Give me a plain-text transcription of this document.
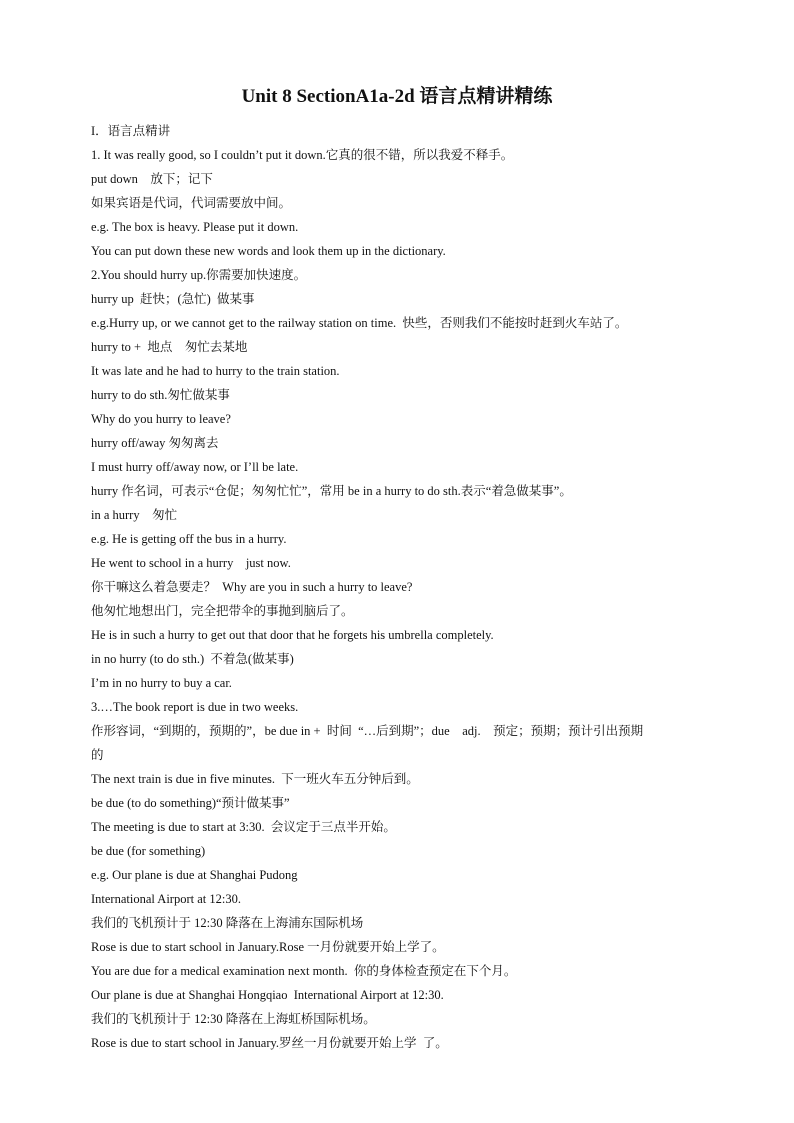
Unit 8 SectionA1a-2d 语言点精讲精练

I．语言点精讲

1. It was really good, so I couldn’t put it down.它真的很不错，所以我爱不释手。

put down    放下；记下

如果宾语是代词，代词需要放中间。

e.g. The box is heavy. Please put it down.

You can put down these new words and look them up in the dictionary.

2.You should hurry up.你需要加快速度。

hurry up  赶快；(急忙)  做某事

e.g.Hurry up, or we cannot get to the railway station on time.  快些，否则我们不能按时赶到火车站了。

hurry to +  地点    匆忙去某地

It was late and he had to hurry to the train station.

hurry to do sth.匆忙做某事

Why do you hurry to leave?

hurry off/away 匆匆离去

I must hurry off/away now, or I’ll be late.

hurry 作名词，可表示“仓促；匆匆忙忙”，常用 be in a hurry to do sth.表示“着急做某事”。

in a hurry    匆忙

e.g. He is getting off the bus in a hurry.

He went to school in a hurry    just now.

你干嘛这么着急要走？  Why are you in such a hurry to leave?

他匆忙地想出门，完全把带伞的事抛到脑后了。

He is in such a hurry to get out that door that he forgets his umbrella completely.

in no hurry (to do sth.)  不着急(做某事)

I’m in no hurry to buy a car.

3.…The book report is due in two weeks.

作形容词，“到期的，预期的”，be due in +  时间  “…后到期”；due    adj.    预定；预期；预计引出预期

的

The next train is due in five minutes.  下一班火车五分钟后到。

be due (to do something)“预计做某事”

The meeting is due to start at 3:30.  会议定于三点半开始。

be due (for something)

e.g. Our plane is due at Shanghai Pudong

International Airport at 12:30.

我们的飞机预计于 12:30 降落在上海浦东国际机场

Rose is due to start school in January.Rose 一月份就要开始上学了。

You are due for a medical examination next month.  你的身体检查预定在下个月。

Our plane is due at Shanghai Hongqiao  International Airport at 12:30.

我们的飞机预计于 12:30 降落在上海虹桥国际机场。

Rose is due to start school in January.罗丝一月份就要开始上学  了。
